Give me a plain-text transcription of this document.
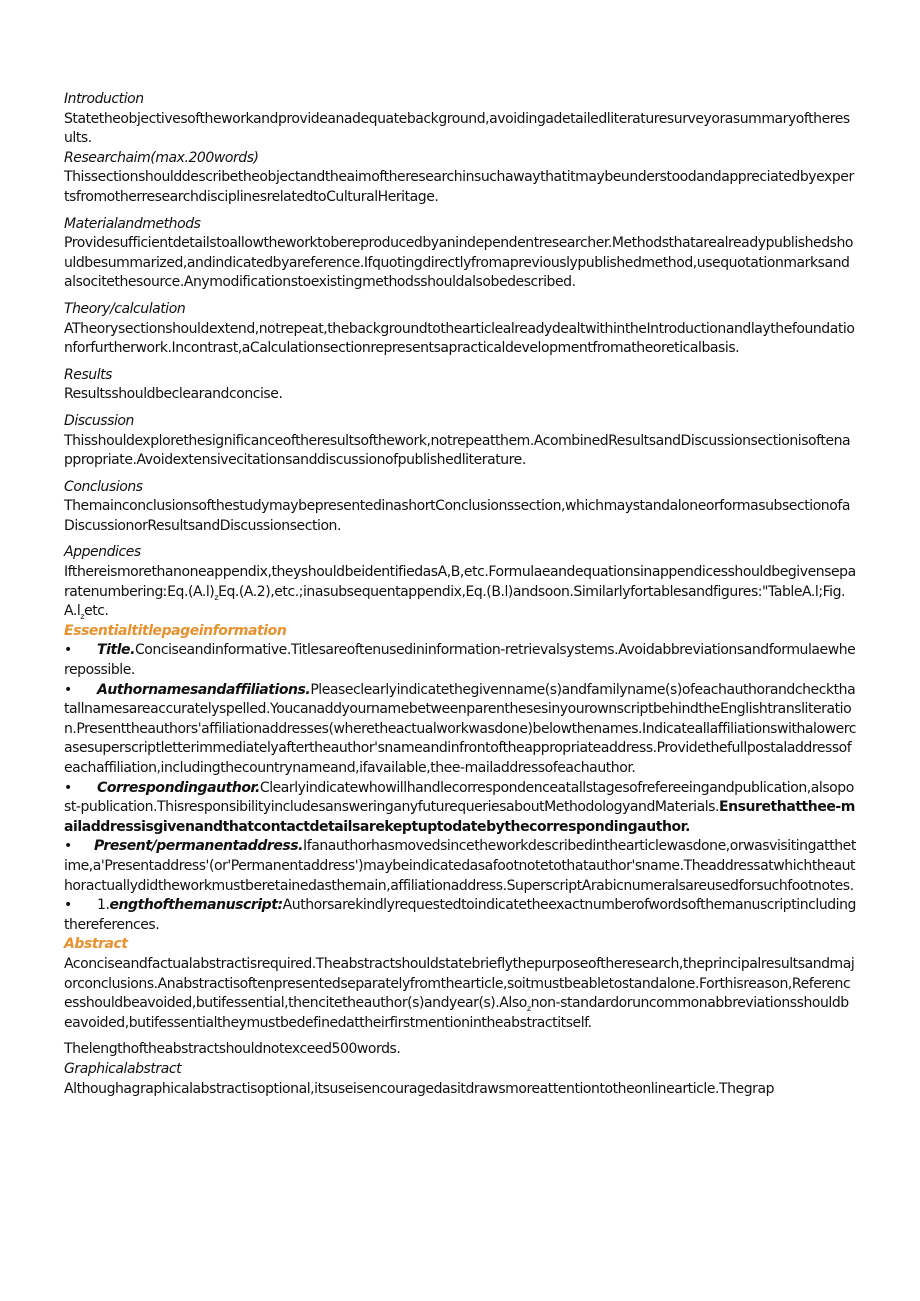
Introduction

Statetheobjectivesoftheworkandprovideanadequatebackground,avoidingadetailedliteraturesurveyorasummaryoftheresults.

Researchaim(max.200words)

ThissectionshoulddescribetheobjectandtheaimoftheresearchinsuchawaythatitmaybeunderstoodandappreciatedbyexpertsfromotherresearchdisciplinesrelatedtoCulturalHeritage.

Materialandmethods

Providesufficientdetailstoallowtheworktobereproducedbyanindependentresearcher.Methodsthatarealreadypublishedshouldbesummarized,andindicatedbyareference.Ifquotingdirectlyfromapreviouslypublishedmethod,usequotationmarksandalsocitethesource.Anymodificationstoexistingmethodsshouldalsobedescribed.

Theory/calculation

ATheorysectionshouldextend,notrepeat,thebackgroundtothearticlealreadydealtwithintheIntroductionandlaythefoundationforfurtherwork.Incontrast,aCalculationsectionrepresentsapracticaldevelopmentfromatheoreticalbasis.

Results

Resultsshouldbeclearandconcise.

Discussion

Thisshouldexplorethesignificanceoftheresultsofthework,notrepeatthem.AcombinedResultsandDiscussionsectionisoftenappropriate.Avoidextensivecitationsanddiscussionofpublishedliterature.

Conclusions

ThemainconclusionsofthestudymaybepresentedinashortConclusionssection,whichmaystandaloneorformasubsectionofaDiscussionorResultsandDiscussionsection.

Appendices

Ifthereismorethanoneappendix,theyshouldbeidentifiedasA,B,etc.Formulaeandequationsinappendicesshouldbegivenseparatenumber$ingːEq.(A.l)_zEq.(A.2),etc.;inasubsequentappendix,Eq.(B.l)andsoon.Similarlyfortablesandfigures:"TableA.l;Fig.A.l_zetc$.

Essentialtitlepageinformation

• Title.Conciseandinformative.Titlesareoftenusedininformation-retrievalsystems.Avoidabbreviationsandformulaewherepossible.

• Authornamesandaffiliations.Pleaseclearlyindicatethegivenname(s)andfamilyname(s)ofeachauthorandcheckthatallnamesareaccuratelyspelled.YoucanaddyournamebetweenparenthesesinyourownscriptbehindtheEnglishtransliteration.Presenttheauthors'affiliationaddresses(wheretheactualworkwasdone)belowthenames.Indicateallaffiliationswithalowercasesuperscriptletterimmediatelyaftertheauthor'snameandinfrontoftheappropriateaddress.Providethefullpostaladdressofeachaffiliation,includingthecountrynameand,ifavailable,thee-mailaddressofeachauthor.

• Correspondingauthor.Clearlyindicatewhowillhandlecorrespondenceatallstagesofrefereeingandpublication,alsopost-publication.ThisresponsibilityincludesansweringanyfuturequeriesaboutMethodologyandMaterials.Ensurethatthee-mailaddressisgivenandthatcontactdetailsarekeptuptodatebythecorrespondingauthor.

• Present/permanentaddress.Ifanauthorhasmovedsincetheworkdescribedinthearticlewasdone,orwasvisitingatthetime,a'Presentaddress'(or'Permanentaddress')maybeindicatedasafootnotetothatauthor'sname.Theaddressatwhichtheauthoractuallydidtheworkmustberetainedasthemain,affiliationaddress.SuperscriptArabicnumeralsareusedforsuchfootnotes.

• 1.engthofthemanuscript:Authorsarekindlyrequestedtoindicatetheexactnumberofwordsofthemanuscriptincludingthereferences.

Abstract

Aconciseandfactualabstractisrequired.Theabstractshouldstatebrieflythepurposeoftheresearch,theprincipalresultsandmajorconclusions.Anabstractisoftenpresentedseparatelyfromthearticle,soitmustbeabletostandalone.Forthisreason,Referencesshouldbeavoided,butifessential,thencitetheauthor(s)andyear(s).Also$_z$non-standardoruncommonabbreviationsshouldbeavoided,butifessentialtheymustbedefinedattheirfirstmentionintheabstractitself.

Thelengthoftheabstractshouldnotexceed500words.

Graphicalabstract

Althoughagraphicalabstractisoptional,itsuseisencouragedasitdrawsmoreattentiontotheonlinearticle.Thegrap
